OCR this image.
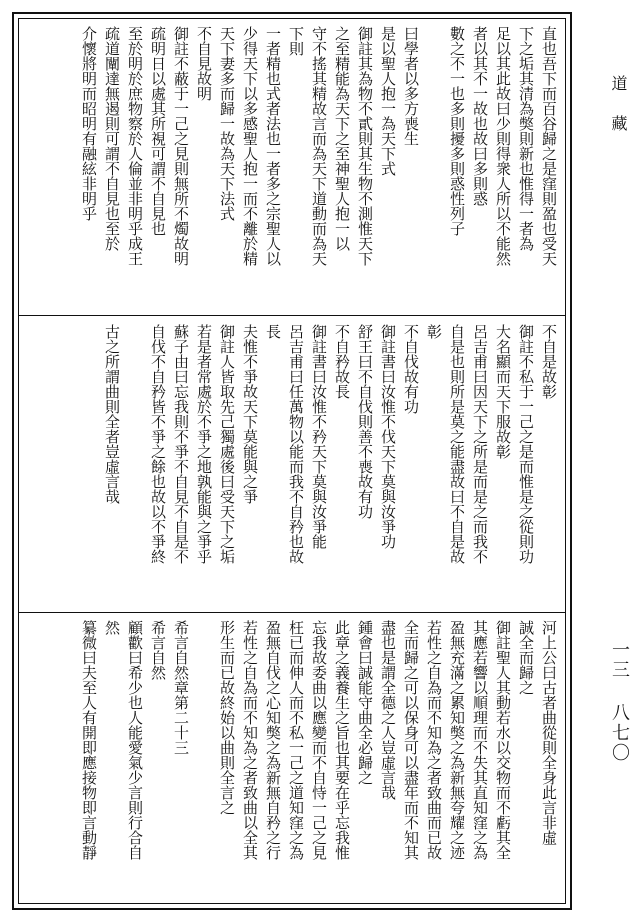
直也吾下而百谷歸之是窪則盈也受天
下之垢其清為獘則新也惟得一者為
足以其此故曰少則得衆人所以不能然
者以其不一故也故曰多則惑
數之不一也多則擾多則惑性列子
曰學者以多方喪生
是以聖人抱一為天下式
御註其為物不貳則其生物不測惟天下
之至精能為天下之至神聖人抱一以
守不搖其精故言而為天下道動而為天
下則
一者精也式者法也一者多之宗聖人以
少得天下以多感聖人抱一而不離於精
天下妻多而歸一故為天下法式
不自見故明
御註不蔽于一己之見則無所不燭故明
疏明日以處其所視可謂不自見也
至於明於庶物察於人倫並非明乎成王
疏道闡達無遏則可謂不自見也至於
介懷將明而昭明有融絃非明乎
不自是故彰
御註不私于一己之是而惟是之從則功
大名顯而天下服故彰
呂吉甫曰因天下之所是而是之而我不
自是也則所是莫之能盡故曰不自是故
彰
不自伐故有功
御註書曰汝惟不伐天下莫與汝爭功
舒王曰不自伐則善不喪故有功
不自矜故長
御註書曰汝惟不矜天下莫與汝爭能
呂吉甫曰任萬物以能而我不自矜也故
長
夫惟不爭故天下莫能與之爭
御註人皆取先己獨處後曰受天下之垢
若是者常處於不爭之地孰能與之爭乎
蘇子由曰忘我則不爭不自見不自是不
自伐不自矜皆不爭之餘也故以不爭終
古之所謂曲則全者豈虛言哉
河上公曰古者曲從則全身此言非虛
誠全而歸之
御註聖人其動若水以交物而不虧其全
其應若響以順理而不失其直知窪之為
盈無充滿之累知獘之為新無夸耀之迹
若性之自為而不知為之者致曲而已故
全而歸之可以保身可以盡年而不知其
盡也是謂全德之人豈虛言哉
鍾會曰誠能守曲全必歸之
此章之義養生之旨也其要在乎忘我惟
忘我故委曲以應變而不自恃一己之見
枉已而伸人而不私一己之道知窪之為
盈無自伐之心知獘之為新無自矜之行
若性之自為而不知為之者致曲以全其
形生而已故終始以曲則全言之
希言自然章第二十三
希言自然
顧歡曰希少也人能愛氣少言則行合自
然
纂微曰夫至人有開即應接物即言動靜
道藏
一三 八七〇
